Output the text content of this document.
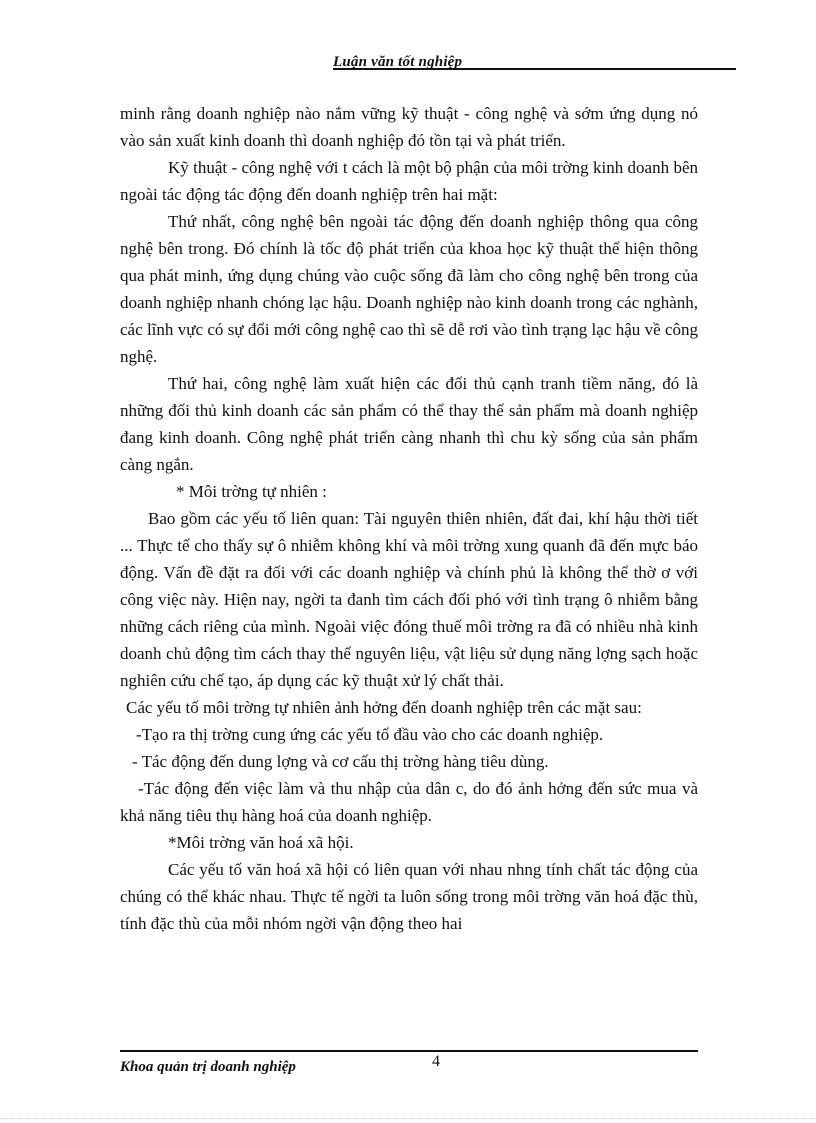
Luận văn tốt nghiệp

minh rằng doanh nghiệp nào nắm vững kỹ thuật - công nghệ và sớm ứng dụng nó vào sản xuất kinh doanh thì doanh nghiệp đó tồn tại và phát triển.

Kỹ thuật - công nghệ với t cách là một bộ phận của môi trờng kinh doanh bên ngoài tác động tác động đến doanh nghiệp trên hai mặt:

Thứ nhất, công nghệ bên ngoài tác động đến doanh nghiệp thông qua công nghệ bên trong. Đó chính là tốc độ phát triển của khoa học kỹ thuật thể hiện thông qua phát minh, ứng dụng chúng vào cuộc sống đã làm cho công nghệ bên trong của doanh nghiệp nhanh chóng lạc hậu. Doanh nghiệp nào kinh doanh trong các nghành, các lĩnh vực có sự đổi mới công nghệ cao thì sẽ dễ rơi vào tình trạng lạc hậu về công nghệ.

Thứ hai, công nghệ làm xuất hiện các đối thủ cạnh tranh tiềm năng, đó là những đối thủ kinh doanh các sản phẩm có thể thay thế sản phẩm mà doanh nghiệp đang kinh doanh. Công nghệ phát triển càng nhanh thì chu kỳ sống của sản phẩm càng ngắn.

* Môi trờng tự nhiên :

Bao gồm các yếu tố liên quan: Tài nguyên thiên nhiên, đất đai, khí hậu thời tiết ... Thực tế cho thấy sự ô nhiễm không khí và môi trờng xung quanh đã đến mực báo động. Vấn đề đặt ra đối với các doanh nghiệp và chính phủ là không thể thờ ơ với công việc này. Hiện nay, ngời ta đanh tìm cách đối phó với tình trạng ô nhiễm bằng những cách riêng của mình. Ngoài việc đóng thuế môi trờng ra đã có nhiều nhà kinh doanh chủ động tìm cách thay thế nguyên liệu, vật liệu sử dụng năng lợng sạch hoặc nghiên cứu chế tạo, áp dụng các kỹ thuật xử lý chất thải.

Các yếu tố môi trờng tự nhiên ảnh hởng đến doanh nghiệp trên các mặt sau:

-Tạo ra thị trờng cung ứng các yếu tố đầu vào cho các doanh nghiệp.

- Tác động đến dung lợng và cơ cấu thị trờng hàng tiêu dùng.

-Tác động đến việc làm và thu nhập của dân c, do đó ảnh hởng đến sức mua và khả năng tiêu thụ hàng hoá của doanh nghiệp.

*Môi trờng văn hoá xã hội.

Các yếu tố văn hoá xã hội có liên quan với nhau nhng tính chất tác động của chúng có thể khác nhau. Thực tế ngời ta luôn sống trong môi trờng văn hoá đặc thù, tính đặc thù của mỗi nhóm ngời vận động theo hai

Khoa quản trị doanh nghiệp	4
